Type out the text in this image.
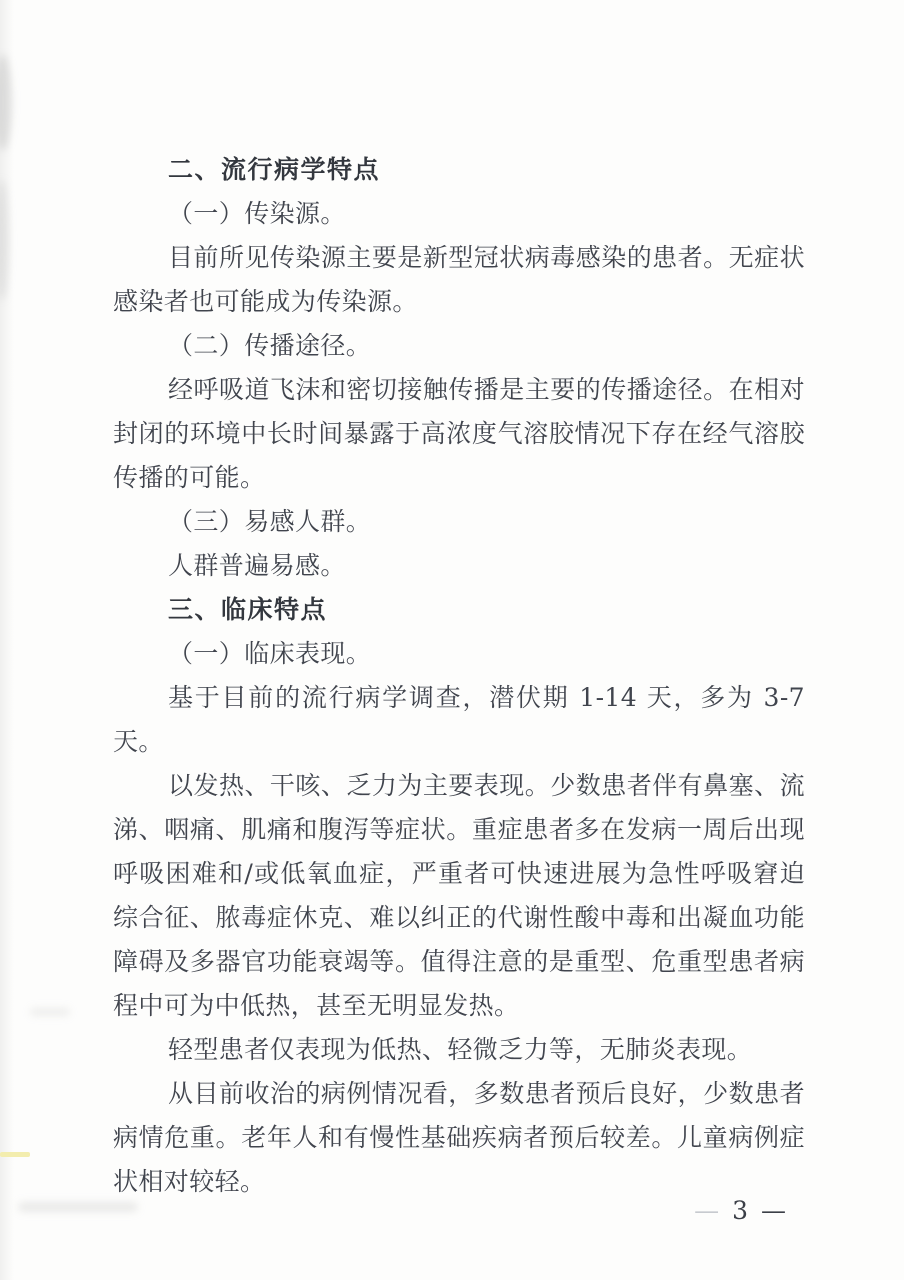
二、流行病学特点

（一）传染源。

目前所见传染源主要是新型冠状病毒感染的患者。无症状感染者也可能成为传染源。

（二）传播途径。

经呼吸道飞沫和密切接触传播是主要的传播途径。在相对封闭的环境中长时间暴露于高浓度气溶胶情况下存在经气溶胶传播的可能。

（三）易感人群。

人群普遍易感。

三、临床特点

（一）临床表现。

基于目前的流行病学调查，潜伏期 1-14 天，多为 3-7 天。

以发热、干咳、乏力为主要表现。少数患者伴有鼻塞、流涕、咽痛、肌痛和腹泻等症状。重症患者多在发病一周后出现呼吸困难和/或低氧血症，严重者可快速进展为急性呼吸窘迫综合征、脓毒症休克、难以纠正的代谢性酸中毒和出凝血功能障碍及多器官功能衰竭等。值得注意的是重型、危重型患者病程中可为中低热，甚至无明显发热。

轻型患者仅表现为低热、轻微乏力等，无肺炎表现。

从目前收治的病例情况看，多数患者预后良好，少数患者病情危重。老年人和有慢性基础疾病者预后较差。儿童病例症状相对较轻。

— 3 —
